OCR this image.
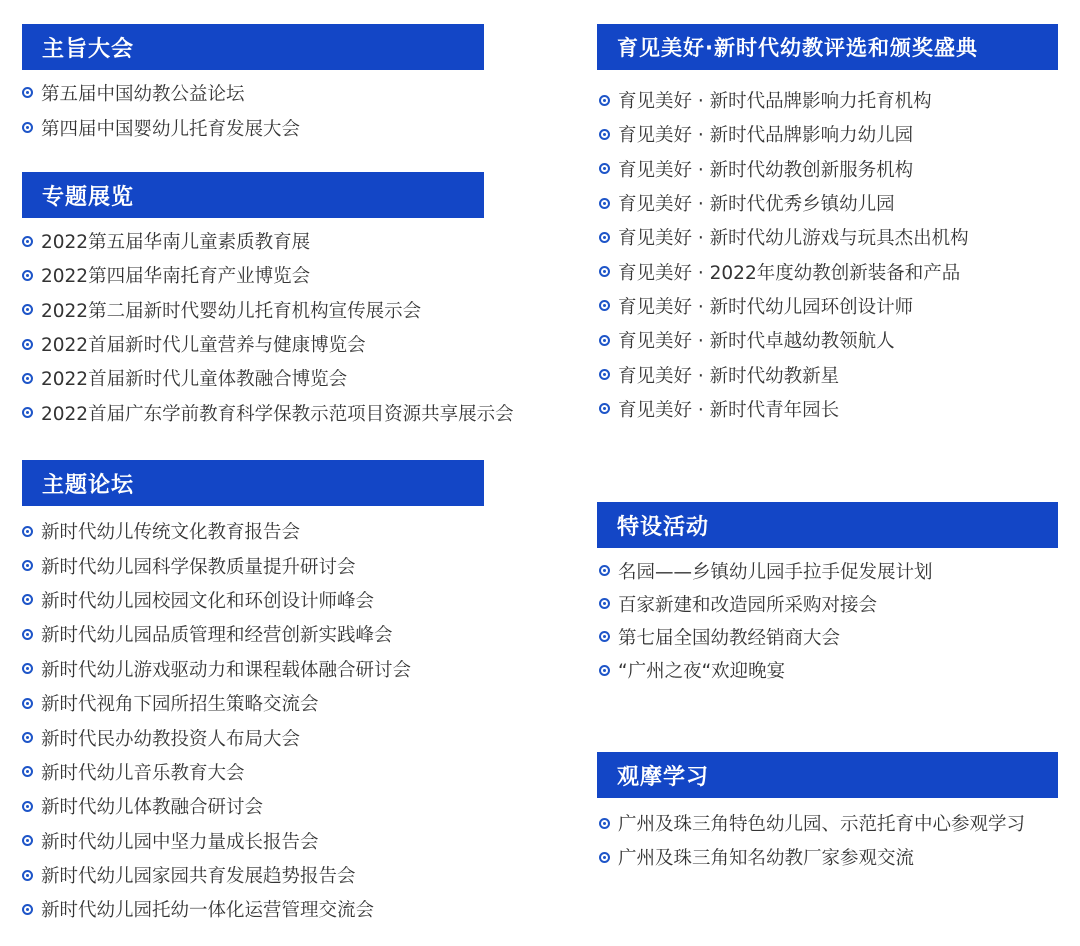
主旨大会
第五届中国幼教公益论坛
第四届中国婴幼儿托育发展大会
专题展览
2022第五届华南儿童素质教育展
2022第四届华南托育产业博览会
2022第二届新时代婴幼儿托育机构宣传展示会
2022首届新时代儿童营养与健康博览会
2022首届新时代儿童体教融合博览会
2022首届广东学前教育科学保教示范项目资源共享展示会
主题论坛
新时代幼儿传统文化教育报告会
新时代幼儿园科学保教质量提升研讨会
新时代幼儿园校园文化和环创设计师峰会
新时代幼儿园品质管理和经营创新实践峰会
新时代幼儿游戏驱动力和课程载体融合研讨会
新时代视角下园所招生策略交流会
新时代民办幼教投资人布局大会
新时代幼儿音乐教育大会
新时代幼儿体教融合研讨会
新时代幼儿园中坚力量成长报告会
新时代幼儿园家园共育发展趋势报告会
新时代幼儿园托幼一体化运营管理交流会
育见美好·新时代幼教评选和颁奖盛典
育见美好 · 新时代品牌影响力托育机构
育见美好 · 新时代品牌影响力幼儿园
育见美好 · 新时代幼教创新服务机构
育见美好 · 新时代优秀乡镇幼儿园
育见美好 · 新时代幼儿游戏与玩具杰出机构
育见美好 · 2022年度幼教创新装备和产品
育见美好 · 新时代幼儿园环创设计师
育见美好 · 新时代卓越幼教领航人
育见美好 · 新时代幼教新星
育见美好 · 新时代青年园长
特设活动
名园——乡镇幼儿园手拉手促发展计划
百家新建和改造园所采购对接会
第七届全国幼教经销商大会
“广州之夜“欢迎晚宴
观摩学习
广州及珠三角特色幼儿园、示范托育中心参观学习
广州及珠三角知名幼教厂家参观交流
